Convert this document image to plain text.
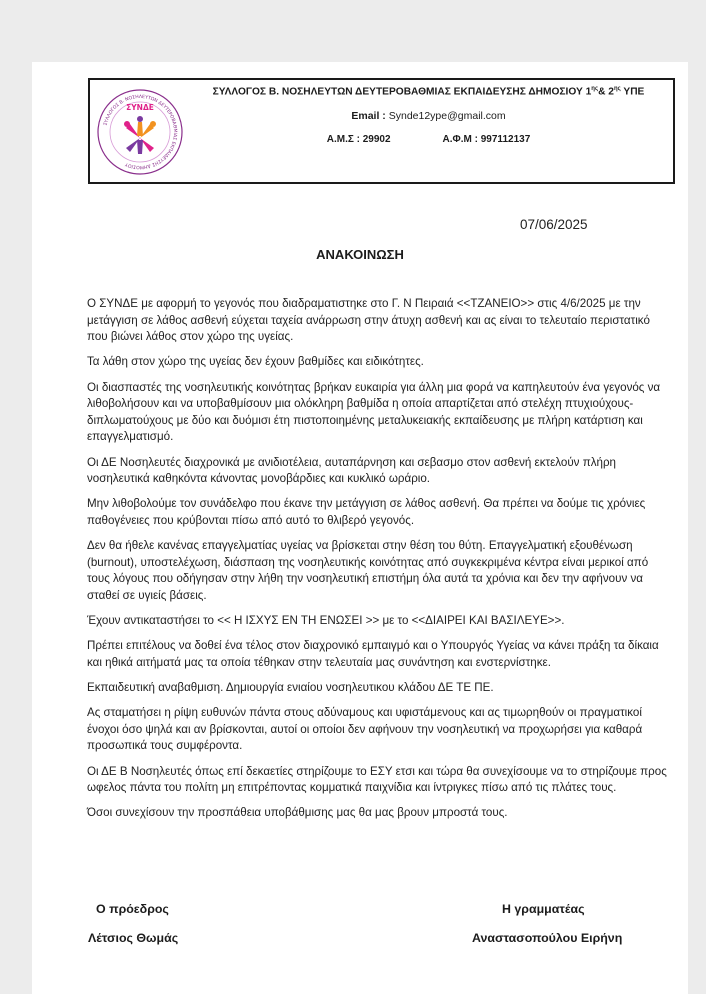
ΣΥΛΛΟΓΟΣ Β. ΝΟΣΗΛΕΥΤΩΝ ΔΕΥΤΕΡΟΒΑΘΜΙΑΣ ΕΚΠΑΙΔΕΥΣΗΣ ΔΗΜΟΣΙΟΥ
ΣΥΝΔΕ
ΣΥΛΛΟΓΟΣ Β. ΝΟΣΗΛΕΥΤΩΝ ΔΕΥΤΕΡΟΒΑΘΜΙΑΣ ΕΚΠΑΙΔΕΥΣΗΣ ΔΗΜΟΣΙΟΥ $1^{\eta\varsigma}\&$ $2^{\eta\varsigma}$ ΥΠΕ
Email : Synde12ype@gmail.com
Α.Μ.Σ : 29902	Α.Φ.Μ : 997112137
07/06/2025
ΑΝΑΚΟΙΝΩΣΗ

Ο ΣΥΝΔΕ με αφορμή το γεγονός που διαδραματιστηκε στο Γ. Ν Πειραιά <<ΤΖΑΝΕΙΟ>> στις 4/6/2025 με την μετάγγιση σε λάθος ασθενή εύχεται ταχεία ανάρρωση στην άτυχη ασθενή και ας είναι το τελευταίο περιστατικό που βιώνει λάθος στον χώρο της υγείας.

Τα λάθη στον χώρο της υγείας δεν έχουν βαθμίδες και ειδικότητες.

Οι διασπαστές της νοσηλευτικής κοινότητας βρήκαν ευκαιρία για άλλη μια φορά να καπηλευτούν ένα γεγονός να λιθοβολήσουν και να υποβαθμίσουν μια ολόκληρη βαθμίδα η οποία απαρτίζεται από στελέχη πτυχιούχους-διπλωματούχους με δύο και δυόμισι έτη πιστοποιημένης μεταλυκειακής εκπαίδευσης με πλήρη κατάρτιση και επαγγελματισμό.

Οι ΔΕ Νοσηλευτές διαχρονικά με ανιδιοτέλεια, αυταπάρνηση και σεβασμο στον ασθενή εκτελούν πλήρη νοσηλευτικά καθηκόντα κάνοντας μονοβάρδιες και κυκλικό ωράριο.

Μην λιθοβολούμε τον συνάδελφο που έκανε την μετάγγιση σε λάθος ασθενή. Θα πρέπει να δούμε τις χρόνιες παθογένειες που κρύβονται πίσω από αυτό το θλιβερό γεγονός.

Δεν θα ήθελε κανένας επαγγελματίας υγείας να βρίσκεται στην θέση του θύτη. Επαγγελματική εξουθένωση (burnout), υποστελέχωση, διάσπαση της νοσηλευτικής κοινότητας από συγκεκριμένα κέντρα είναι μερικοί από τους λόγους που οδήγησαν στην λήθη την νοσηλευτική επιστήμη όλα αυτά τα χρόνια και δεν την αφήνουν να σταθεί σε υγιείς βάσεις.

Έχουν αντικαταστήσει το << Η ΙΣΧΥΣ ΕΝ ΤΗ ΕΝΩΣΕΙ >> με το <<ΔΙΑΙΡΕΙ ΚΑΙ ΒΑΣΙΛΕΥΕ>>.

Πρέπει επιτέλους να δοθεί ένα τέλος στον διαχρονικό εμπαιγμό και ο Υπουργός Υγείας να κάνει πράξη τα δίκαια και ηθικά αιτήματά μας τα οποία τέθηκαν στην τελευταία μας συνάντηση και ενστερνίστηκε.

Εκπαιδευτική αναβαθμιση. Δημιουργία ενιαίου νοσηλευτικου κλάδου ΔΕ ΤΕ ΠΕ.

Ας σταματήσει η ρίψη ευθυνών πάντα στους αδύναμους και υφιστάμενους και ας τιμωρηθούν οι πραγματικοί ένοχοι όσο ψηλά και αν βρίσκονται, αυτοί οι οποίοι δεν αφήνουν την νοσηλευτική να προχωρήσει για καθαρά προσωπικά τους συμφέροντα.

Οι ΔΕ Β Νοσηλευτές όπως επί δεκαετίες στηρίζουμε το ΕΣΥ ετσι και τώρα θα συνεχίσουμε να το στηρίζουμε προς ωφελος πάντα του πολίτη μη επιτρέποντας κομματικά παιχνίδια και ίντριγκες πίσω από τις πλάτες τους.

Όσοι συνεχίσουν την προσπάθεια υποβάθμισης μας θα μας βρουν μπροστά τους.

Ο πρόεδρος
Λέτσιος Θωμάς
Η γραμματέας
Αναστασοπούλου Ειρήνη
